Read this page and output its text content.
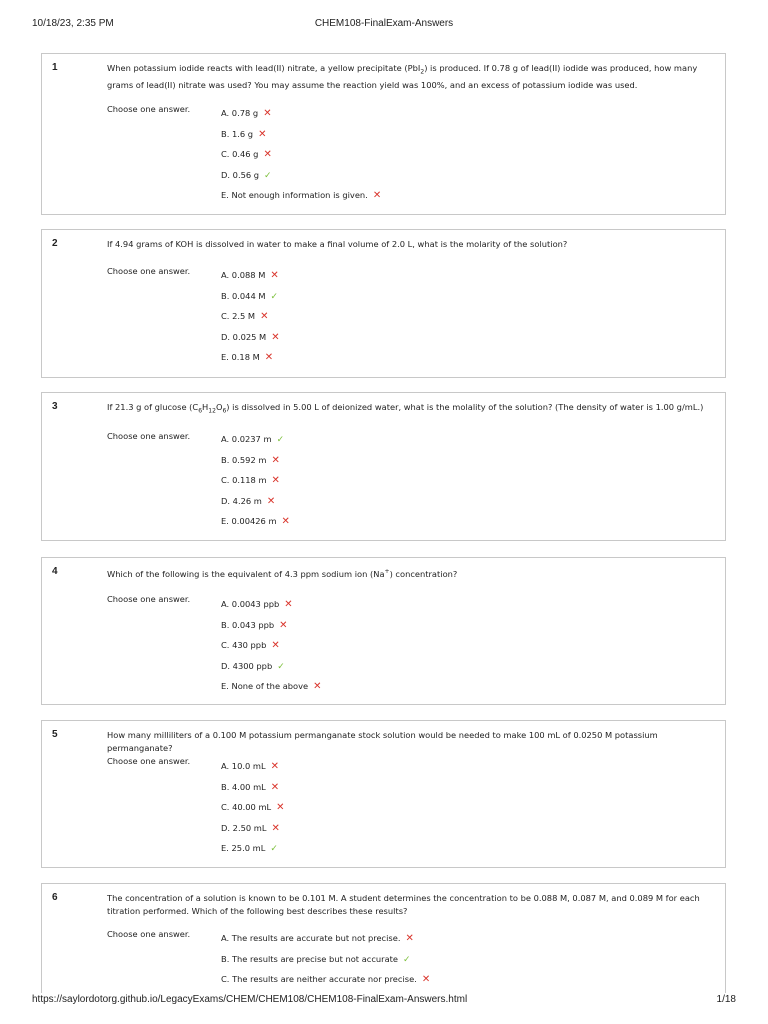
10/18/23, 2:35 PM	CHEM108-FinalExam-Answers
1	When potassium iodide reacts with lead(II) nitrate, a yellow precipitate (PbI$_2$) is produced. If 0.78 g of lead(II) iodide was produced, how many grams of lead(II) nitrate was used? You may assume the reaction yield was 100%, and an excess of potassium iodide was used.
Choose one answer.	A. 0.78 g ✕
B. 1.6 g ✕
C. 0.46 g ✕
D. 0.56 g ✓
E. Not enough information is given. ✕
2	If 4.94 grams of KOH is dissolved in water to make a final volume of 2.0 L, what is the molarity of the solution?
Choose one answer.	A. 0.088 M ✕
B. 0.044 M ✓
C. 2.5 M ✕
D. 0.025 M ✕
E. 0.18 M ✕
3	If 21.3 g of glucose $(C_6H_{12}O_6)$ is dissolved in 5.00 L of deionized water, what is the molality of the solution? (The density of water is 1.00 g/mL.)
Choose one answer.	A. 0.0237 m ✓
B. 0.592 m ✕
C. 0.118 m ✕
D. 4.26 m ✕
E. 0.00426 m ✕
4	Which of the following is the equivalent of 4.3 ppm sodium ion (Na+) concentration?
Choose one answer.	A. 0.0043 ppb ✕
B. 0.043 ppb ✕
C. 430 ppb ✕
D. 4300 ppb ✓
E. None of the above ✕
5	How many milliliters of a 0.100 M potassium permanganate stock solution would be needed to make 100 mL of 0.0250 M potassium permanganate?
Choose one answer.	A. 10.0 mL ✕
B. 4.00 mL ✕
C. 40.00 mL ✕
D. 2.50 mL ✕
E. 25.0 mL ✓
6	The concentration of a solution is known to be 0.101 M. A student determines the concentration to be 0.088 M, 0.087 M, and 0.089 M for each titration performed. Which of the following best describes these results?
Choose one answer.	A. The results are accurate but not precise. ✕
B. The results are precise but not accurate ✓
C. The results are neither accurate nor precise. ✕
https://saylordotorg.github.io/LegacyExams/CHEM/CHEM108/CHEM108-FinalExam-Answers.html	1/18
